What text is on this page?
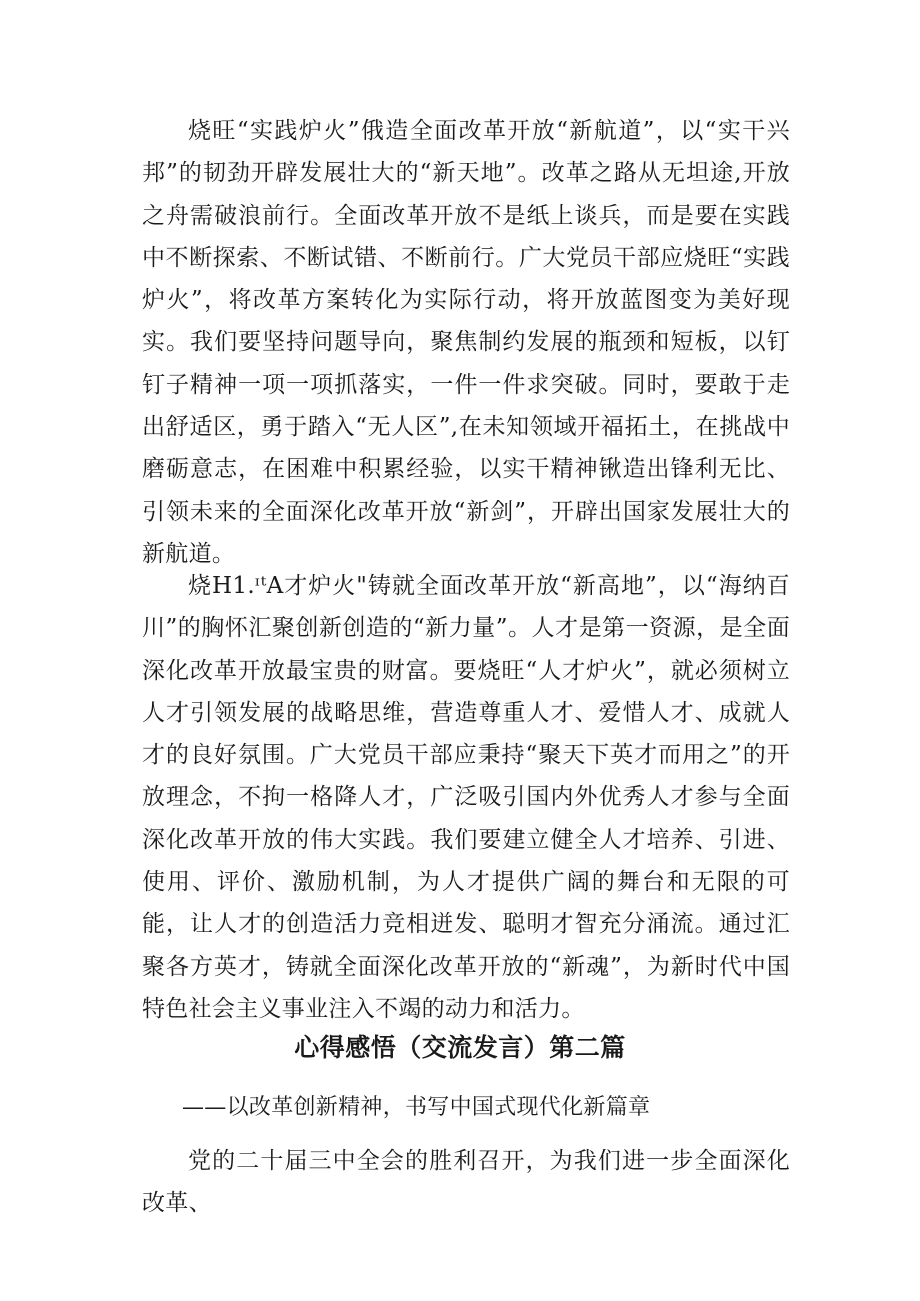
烧旺“实践炉火”俄造全面改革开放“新航道”，以“实干兴邦”的韧劲开辟发展壮大的“新天地”。改革之路从无坦途,开放之舟需破浪前行。全面改革开放不是纸上谈兵，而是要在实践中不断探索、不断试错、不断前行。广大党员干部应烧旺“实践炉火”，将改革方案转化为实际行动，将开放蓝图变为美好现实。我们要坚持问题导向，聚焦制约发展的瓶颈和短板，以钉钉子精神一项一项抓落实，一件一件求突破。同时，要敢于走出舒适区，勇于踏入“无人区”,在未知领域开福拓土，在挑战中磨砺意志，在困难中积累经验，以实干精神锹造出锋利无比、引领未来的全面深化改革开放“新剑”，开辟出国家发展壮大的新航道。

烧H1.ᶦᵗA才炉火"铸就全面改革开放“新高地”，以“海纳百川”的胸怀汇聚创新创造的“新力量”。人才是第一资源，是全面深化改革开放最宝贵的财富。要烧旺“人才炉火”，就必须树立人才引领发展的战略思维，营造尊重人才、爱惜人才、成就人才的良好氛围。广大党员干部应秉持“聚天下英才而用之”的开放理念，不拘一格降人才，广泛吸引国内外优秀人才参与全面深化改革开放的伟大实践。我们要建立健全人才培养、引进、使用、评价、激励机制，为人才提供广阔的舞台和无限的可能，让人才的创造活力竞相迸发、聪明才智充分涌流。通过汇聚各方英才，铸就全面深化改革开放的“新魂”，为新时代中国特色社会主义事业注入不竭的动力和活力。

心得感悟（交流发言）第二篇

——以改革创新精神，书写中国式现代化新篇章

党的二十届三中全会的胜利召开，为我们进一步全面深化改革、
